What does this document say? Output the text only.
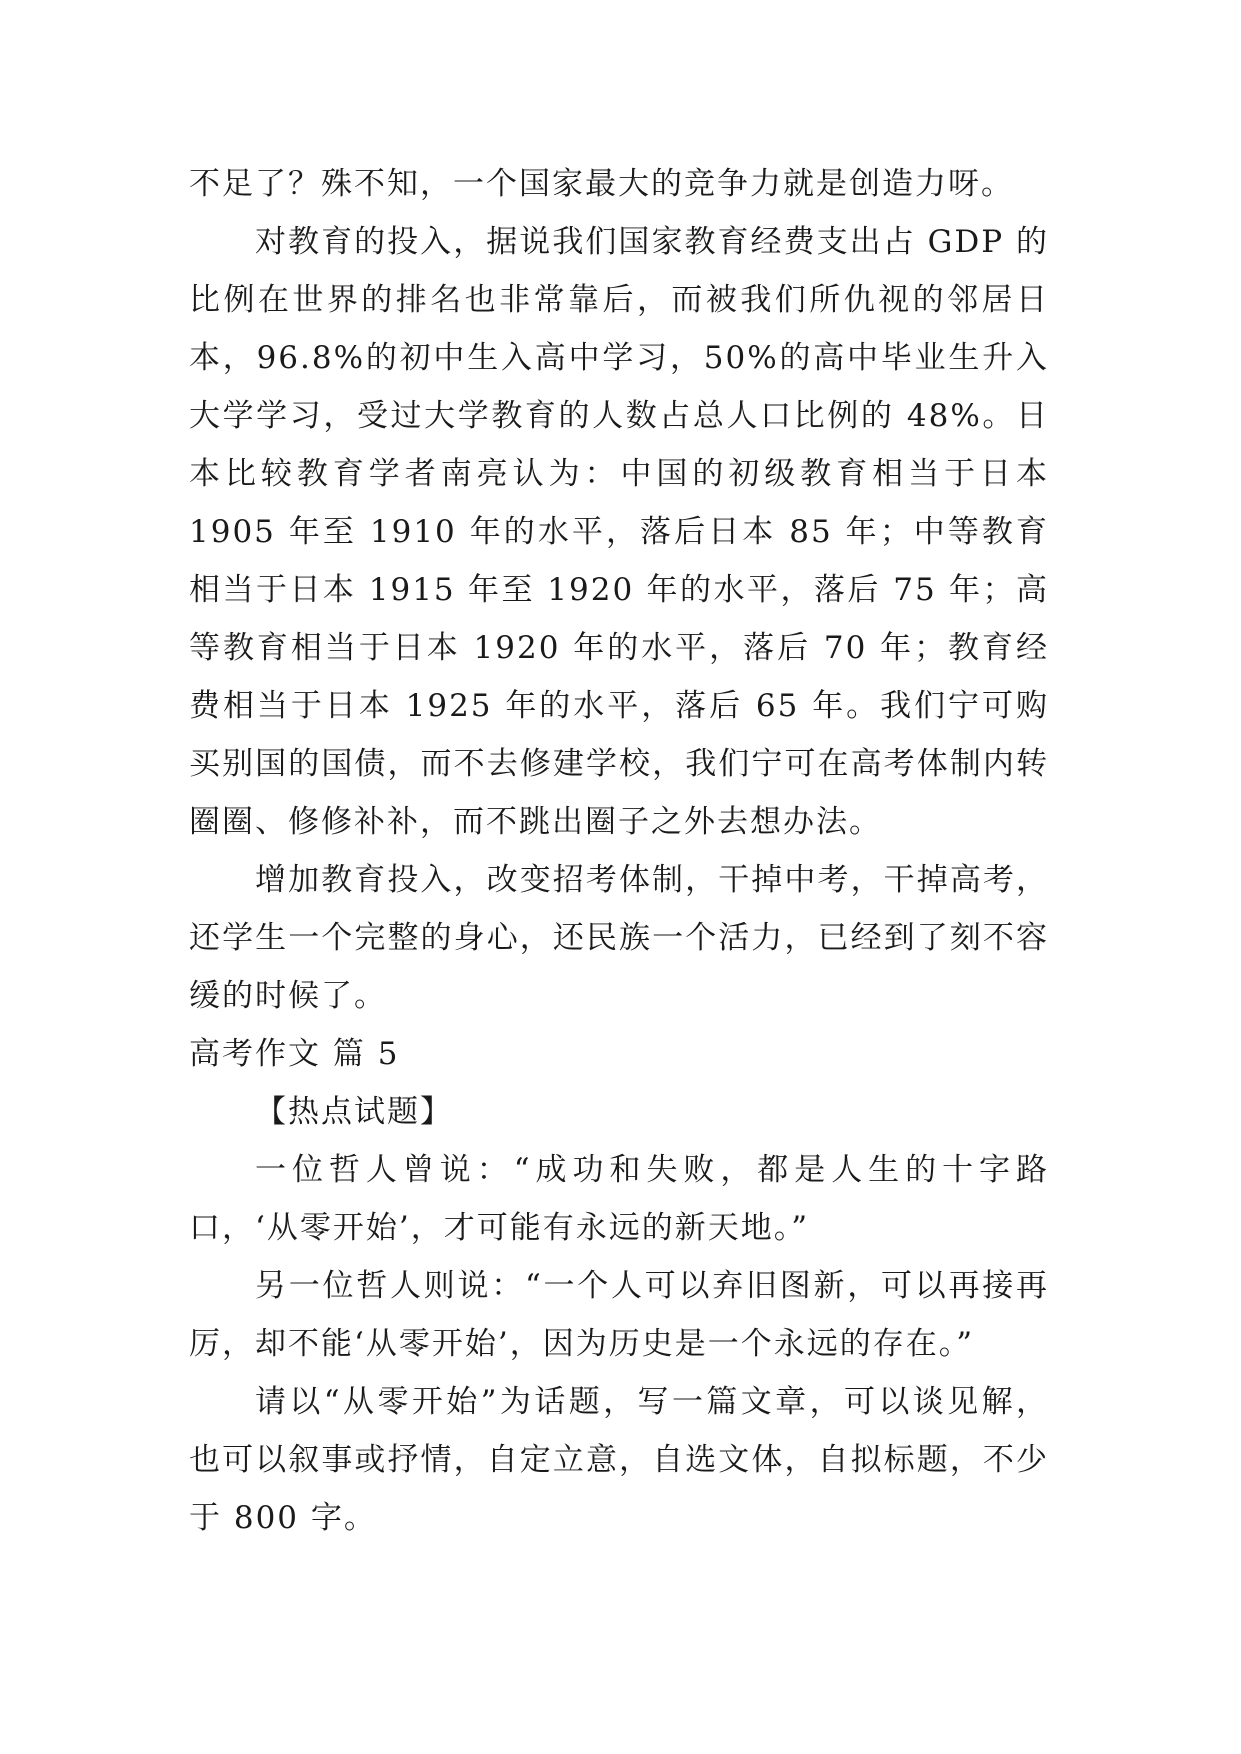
不足了？殊不知，一个国家最大的竞争力就是创造力呀。

对教育的投入，据说我们国家教育经费支出占 GDP 的比例在世界的排名也非常靠后，而被我们所仇视的邻居日本，96.8%的初中生入高中学习，50%的高中毕业生升入大学学习，受过大学教育的人数占总人口比例的 48%。日本比较教育学者南亮认为：中国的初级教育相当于日本 1905 年至 1910 年的水平，落后日本 85 年；中等教育相当于日本 1915 年至 1920 年的水平，落后 75 年；高等教育相当于日本 1920 年的水平，落后 70 年；教育经费相当于日本 1925 年的水平，落后 65 年。我们宁可购买别国的国债，而不去修建学校，我们宁可在高考体制内转圈圈、修修补补，而不跳出圈子之外去想办法。

增加教育投入，改变招考体制，干掉中考，干掉高考，还学生一个完整的身心，还民族一个活力，已经到了刻不容缓的时候了。

高考作文 篇 5

【热点试题】

一位哲人曾说：“成功和失败，都是人生的十字路口，‘从零开始’，才可能有永远的新天地。”

另一位哲人则说：“一个人可以弃旧图新，可以再接再厉，却不能‘从零开始’，因为历史是一个永远的存在。”

请以“从零开始”为话题，写一篇文章，可以谈见解，也可以叙事或抒情，自定立意，自选文体，自拟标题，不少于 800 字。
